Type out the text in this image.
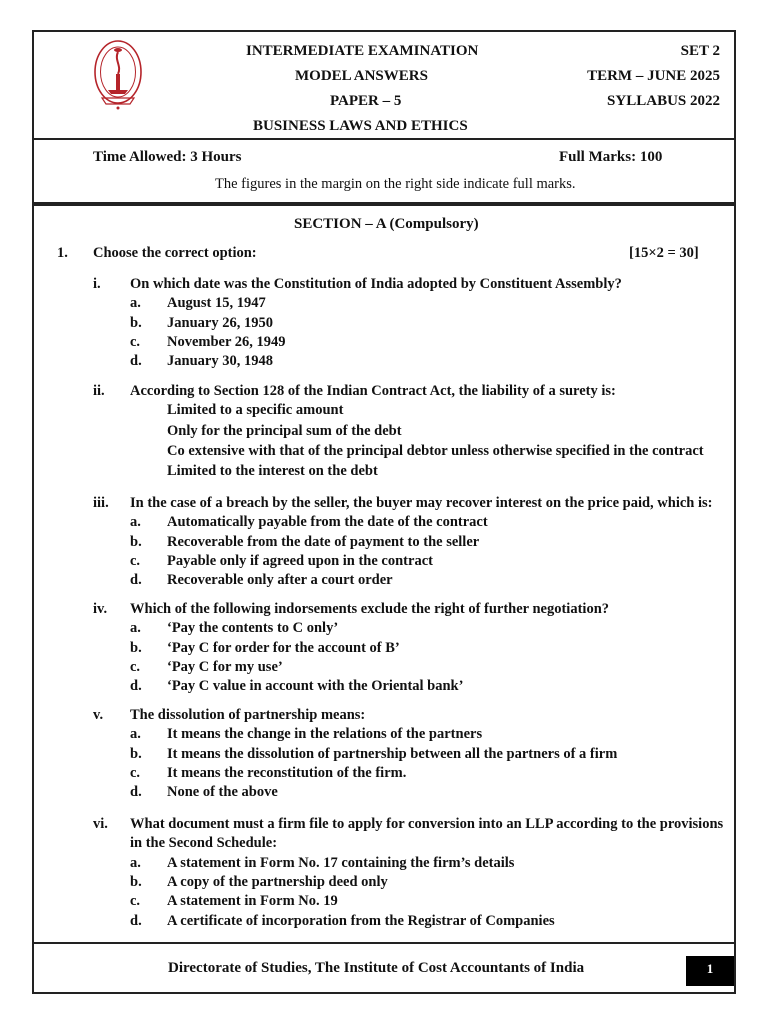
INTERMEDIATE EXAMINATION
MODEL ANSWERS
PAPER – 5
BUSINESS LAWS AND ETHICS
SET 2
TERM – JUNE 2025
SYLLABUS 2022
Time Allowed: 3 Hours	Full Marks: 100
The figures in the margin on the right side indicate full marks.
SECTION – A (Compulsory)
1. Choose the correct option:	[15×2 = 30]
i. On which date was the Constitution of India adopted by Constituent Assembly?
a. August 15, 1947
b. January 26, 1950
c. November 26, 1949
d. January 30, 1948
ii. According to Section 128 of the Indian Contract Act, the liability of a surety is:
Limited to a specific amount
Only for the principal sum of the debt
Co extensive with that of the principal debtor unless otherwise specified in the contract
Limited to the interest on the debt
iii. In the case of a breach by the seller, the buyer may recover interest on the price paid, which is:
a. Automatically payable from the date of the contract
b. Recoverable from the date of payment to the seller
c. Payable only if agreed upon in the contract
d. Recoverable only after a court order
iv. Which of the following indorsements exclude the right of further negotiation?
a. ‘Pay the contents to C only’
b. ‘Pay C for order for the account of B’
c. ‘Pay C for my use’
d. ‘Pay C value in account with the Oriental bank’
v. The dissolution of partnership means:
a. It means the change in the relations of the partners
b. It means the dissolution of partnership between all the partners of a firm
c. It means the reconstitution of the firm.
d. None of the above
vi. What document must a firm file to apply for conversion into an LLP according to the provisions
in the Second Schedule:
a. A statement in Form No. 17 containing the firm’s details
b. A copy of the partnership deed only
c. A statement in Form No. 19
d. A certificate of incorporation from the Registrar of Companies
Directorate of Studies, The Institute of Cost Accountants of India	1
